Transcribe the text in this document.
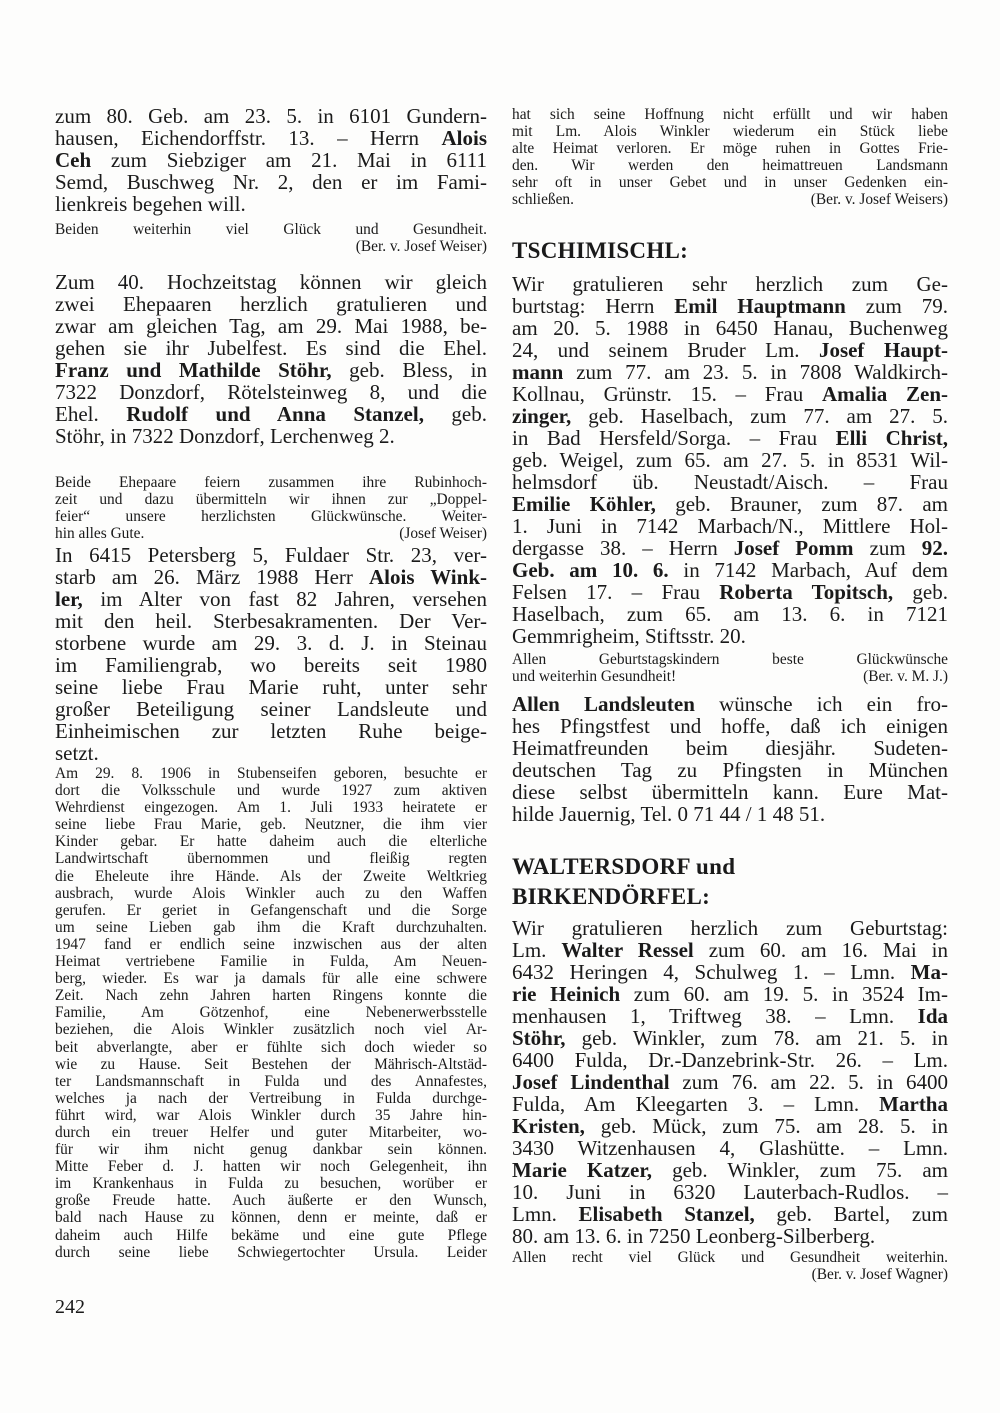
zum 80. Geb. am 23. 5. in 6101 Gundern-
hausen, Eichendorffstr. 13. – Herrn Alois
Ceh zum Siebziger am 21. Mai in 6111
Semd, Buschweg Nr. 2, den er im Fami-
lienkreis begehen will.
Beiden weiterhin viel Glück und Gesundheit.
(Ber. v. Josef Weiser)
Zum 40. Hochzeitstag können wir gleich
zwei Ehepaaren herzlich gratulieren und
zwar am gleichen Tag, am 29. Mai 1988, be-
gehen sie ihr Jubelfest. Es sind die Ehel.
Franz und Mathilde Stöhr, geb. Bless, in
7322 Donzdorf, Rötelsteinweg 8, und die
Ehel. Rudolf und Anna Stanzel, geb.
Stöhr, in 7322 Donzdorf, Lerchenweg 2.
Beide Ehepaare feiern zusammen ihre Rubinhoch-
zeit und dazu übermitteln wir ihnen zur „Doppel-
feier“ unsere herzlichsten Glückwünsche. Weiter-
hin alles Gute.	(Josef Weiser)
In 6415 Petersberg 5, Fuldaer Str. 23, ver-
starb am 26. März 1988 Herr Alois Wink-
ler, im Alter von fast 82 Jahren, versehen
mit den heil. Sterbesakramenten. Der Ver-
storbene wurde am 29. 3. d. J. in Steinau
im Familiengrab, wo bereits seit 1980
seine liebe Frau Marie ruht, unter sehr
großer Beteiligung seiner Landsleute und
Einheimischen zur letzten Ruhe beige-
setzt.
Am 29. 8. 1906 in Stubenseifen geboren, besuchte er
dort die Volksschule und wurde 1927 zum aktiven
Wehrdienst eingezogen. Am 1. Juli 1933 heiratete er
seine liebe Frau Marie, geb. Neutzner, die ihm vier
Kinder gebar. Er hatte daheim auch die elterliche
Landwirtschaft übernommen und fleißig regten
die Eheleute ihre Hände. Als der Zweite Weltkrieg
ausbrach, wurde Alois Winkler auch zu den Waffen
gerufen. Er geriet in Gefangenschaft und die Sorge
um seine Lieben gab ihm die Kraft durchzuhalten.
1947 fand er endlich seine inzwischen aus der alten
Heimat vertriebene Familie in Fulda, Am Neuen-
berg, wieder. Es war ja damals für alle eine schwere
Zeit. Nach zehn Jahren harten Ringens konnte die
Familie, Am Götzenhof, eine Nebenerwerbsstelle
beziehen, die Alois Winkler zusätzlich noch viel Ar-
beit abverlangte, aber er fühlte sich doch wieder so
wie zu Hause. Seit Bestehen der Mährisch-Altstäd-
ter Landsmannschaft in Fulda und des Annafestes,
welches ja nach der Vertreibung in Fulda durchge-
führt wird, war Alois Winkler durch 35 Jahre hin-
durch ein treuer Helfer und guter Mitarbeiter, wo-
für wir ihm nicht genug dankbar sein können.
Mitte Feber d. J. hatten wir noch Gelegenheit, ihn
im Krankenhaus in Fulda zu besuchen, worüber er
große Freude hatte. Auch äußerte er den Wunsch,
bald nach Hause zu können, denn er meinte, daß er
daheim auch Hilfe bekäme und eine gute Pflege
durch seine liebe Schwiegertochter Ursula. Leider
hat sich seine Hoffnung nicht erfüllt und wir haben
mit Lm. Alois Winkler wiederum ein Stück liebe
alte Heimat verloren. Er möge ruhen in Gottes Frie-
den. Wir werden den heimattreuen Landsmann
sehr oft in unser Gebet und in unser Gedenken ein-
schließen.	(Ber. v. Josef Weisers)
TSCHIMISCHL:
Wir gratulieren sehr herzlich zum Ge-
burtstag: Herrn Emil Hauptmann zum 79.
am 20. 5. 1988 in 6450 Hanau, Buchenweg
24, und seinem Bruder Lm. Josef Haupt-
mann zum 77. am 23. 5. in 7808 Waldkirch-
Kollnau, Grünstr. 15. – Frau Amalia Zen-
zinger, geb. Haselbach, zum 77. am 27. 5.
in Bad Hersfeld/Sorga. – Frau Elli Christ,
geb. Weigel, zum 65. am 27. 5. in 8531 Wil-
helmsdorf üb. Neustadt/Aisch. – Frau
Emilie Köhler, geb. Brauner, zum 87. am
1. Juni in 7142 Marbach/N., Mittlere Hol-
dergasse 38. – Herrn Josef Pomm zum 92.
Geb. am 10. 6. in 7142 Marbach, Auf dem
Felsen 17. – Frau Roberta Topitsch, geb.
Haselbach, zum 65. am 13. 6. in 7121
Gemmrigheim, Stiftsstr. 20.
Allen Geburtstagskindern beste Glückwünsche
und weiterhin Gesundheit!	(Ber. v. M. J.)
Allen Landsleuten wünsche ich ein fro-
hes Pfingstfest und hoffe, daß ich einigen
Heimatfreunden beim diesjähr. Sudeten-
deutschen Tag zu Pfingsten in München
diese selbst übermitteln kann. Eure Mat-
hilde Jauernig, Tel. 0 71 44 / 1 48 51.
WALTERSDORF und
BIRKENDÖRFEL:
Wir gratulieren herzlich zum Geburtstag:
Lm. Walter Ressel zum 60. am 16. Mai in
6432 Heringen 4, Schulweg 1. – Lmn. Ma-
rie Heinich zum 60. am 19. 5. in 3524 Im-
menhausen 1, Triftweg 38. – Lmn. Ida
Stöhr, geb. Winkler, zum 78. am 21. 5. in
6400 Fulda, Dr.-Danzebrink-Str. 26. – Lm.
Josef Lindenthal zum 76. am 22. 5. in 6400
Fulda, Am Kleegarten 3. – Lmn. Martha
Kristen, geb. Mück, zum 75. am 28. 5. in
3430 Witzenhausen 4, Glashütte. – Lmn.
Marie Katzer, geb. Winkler, zum 75. am
10. Juni in 6320 Lauterbach-Rudlos. –
Lmn. Elisabeth Stanzel, geb. Bartel, zum
80. am 13. 6. in 7250 Leonberg-Silberberg.
Allen recht viel Glück und Gesundheit weiterhin.
(Ber. v. Josef Wagner)
242
